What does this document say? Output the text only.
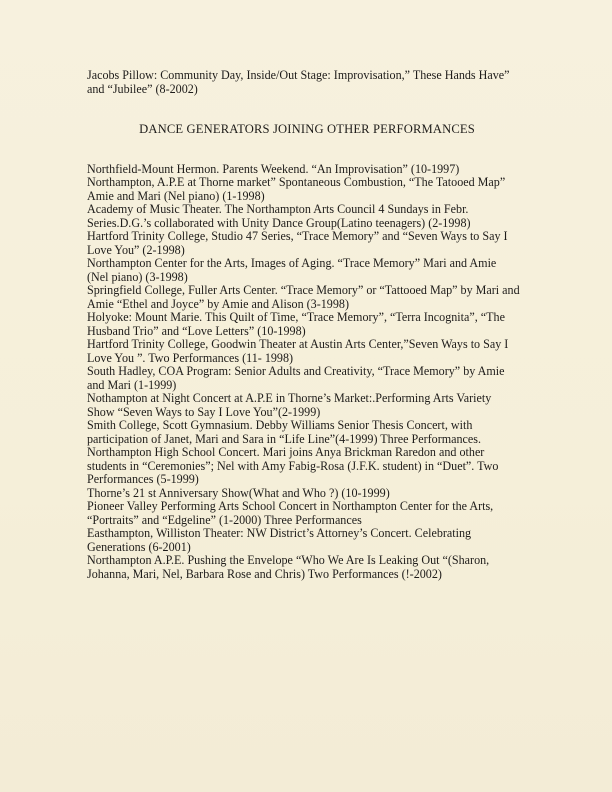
Jacobs Pillow: Community Day, Inside/Out Stage: Improvisation,” These Hands Have”
and “Jubilee” (8-2002)
DANCE GENERATORS JOINING OTHER PERFORMANCES
Northfield-Mount Hermon. Parents Weekend. “An Improvisation” (10-1997)
Northampton, A.P.E at Thorne market” Spontaneous Combustion, “The Tatooed Map”
Amie and Mari (Nel piano) (1-1998)
Academy of Music Theater. The Northampton Arts Council 4 Sundays in Febr.
Series.D.G.’s collaborated with Unity Dance Group(Latino teenagers) (2-1998)
Hartford Trinity College, Studio 47 Series, “Trace Memory” and “Seven Ways to Say I
Love You” (2-1998)
Northampton Center for the Arts, Images of Aging. “Trace Memory” Mari and Amie
(Nel piano) (3-1998)
Springfield College, Fuller Arts Center. “Trace Memory” or “Tattooed Map” by Mari and
Amie “Ethel and Joyce” by Amie and Alison (3-1998)
Holyoke: Mount Marie. This Quilt of Time, “Trace Memory”, “Terra Incognita”, “The
Husband Trio” and “Love Letters” (10-1998)
Hartford Trinity College, Goodwin Theater at Austin Arts Center,”Seven Ways to Say I
Love You ”. Two Performances (11- 1998)
South Hadley, COA Program: Senior Adults and Creativity, “Trace Memory” by Amie
and Mari (1-1999)
Nothampton at Night Concert at A.P.E in Thorne’s Market:.Performing Arts Variety
Show “Seven Ways to Say I Love You”(2-1999)
Smith College, Scott Gymnasium. Debby Williams Senior Thesis Concert, with
participation of Janet, Mari and Sara in “Life Line”(4-1999) Three Performances.
Northampton High School Concert. Mari joins Anya Brickman Raredon and other
students in “Ceremonies”; Nel with Amy Fabig-Rosa (J.F.K. student) in “Duet”. Two
Performances (5-1999)
Thorne’s 21 st Anniversary Show(What and Who ?) (10-1999)
Pioneer Valley Performing Arts School Concert in Northampton Center for the Arts,
“Portraits” and “Edgeline” (1-2000) Three Performances
Easthampton, Williston Theater: NW District’s Attorney’s Concert. Celebrating
Generations (6-2001)
Northampton A.P.E. Pushing the Envelope “Who We Are Is Leaking Out “(Sharon,
Johanna, Mari, Nel, Barbara Rose and Chris) Two Performances (!-2002)
